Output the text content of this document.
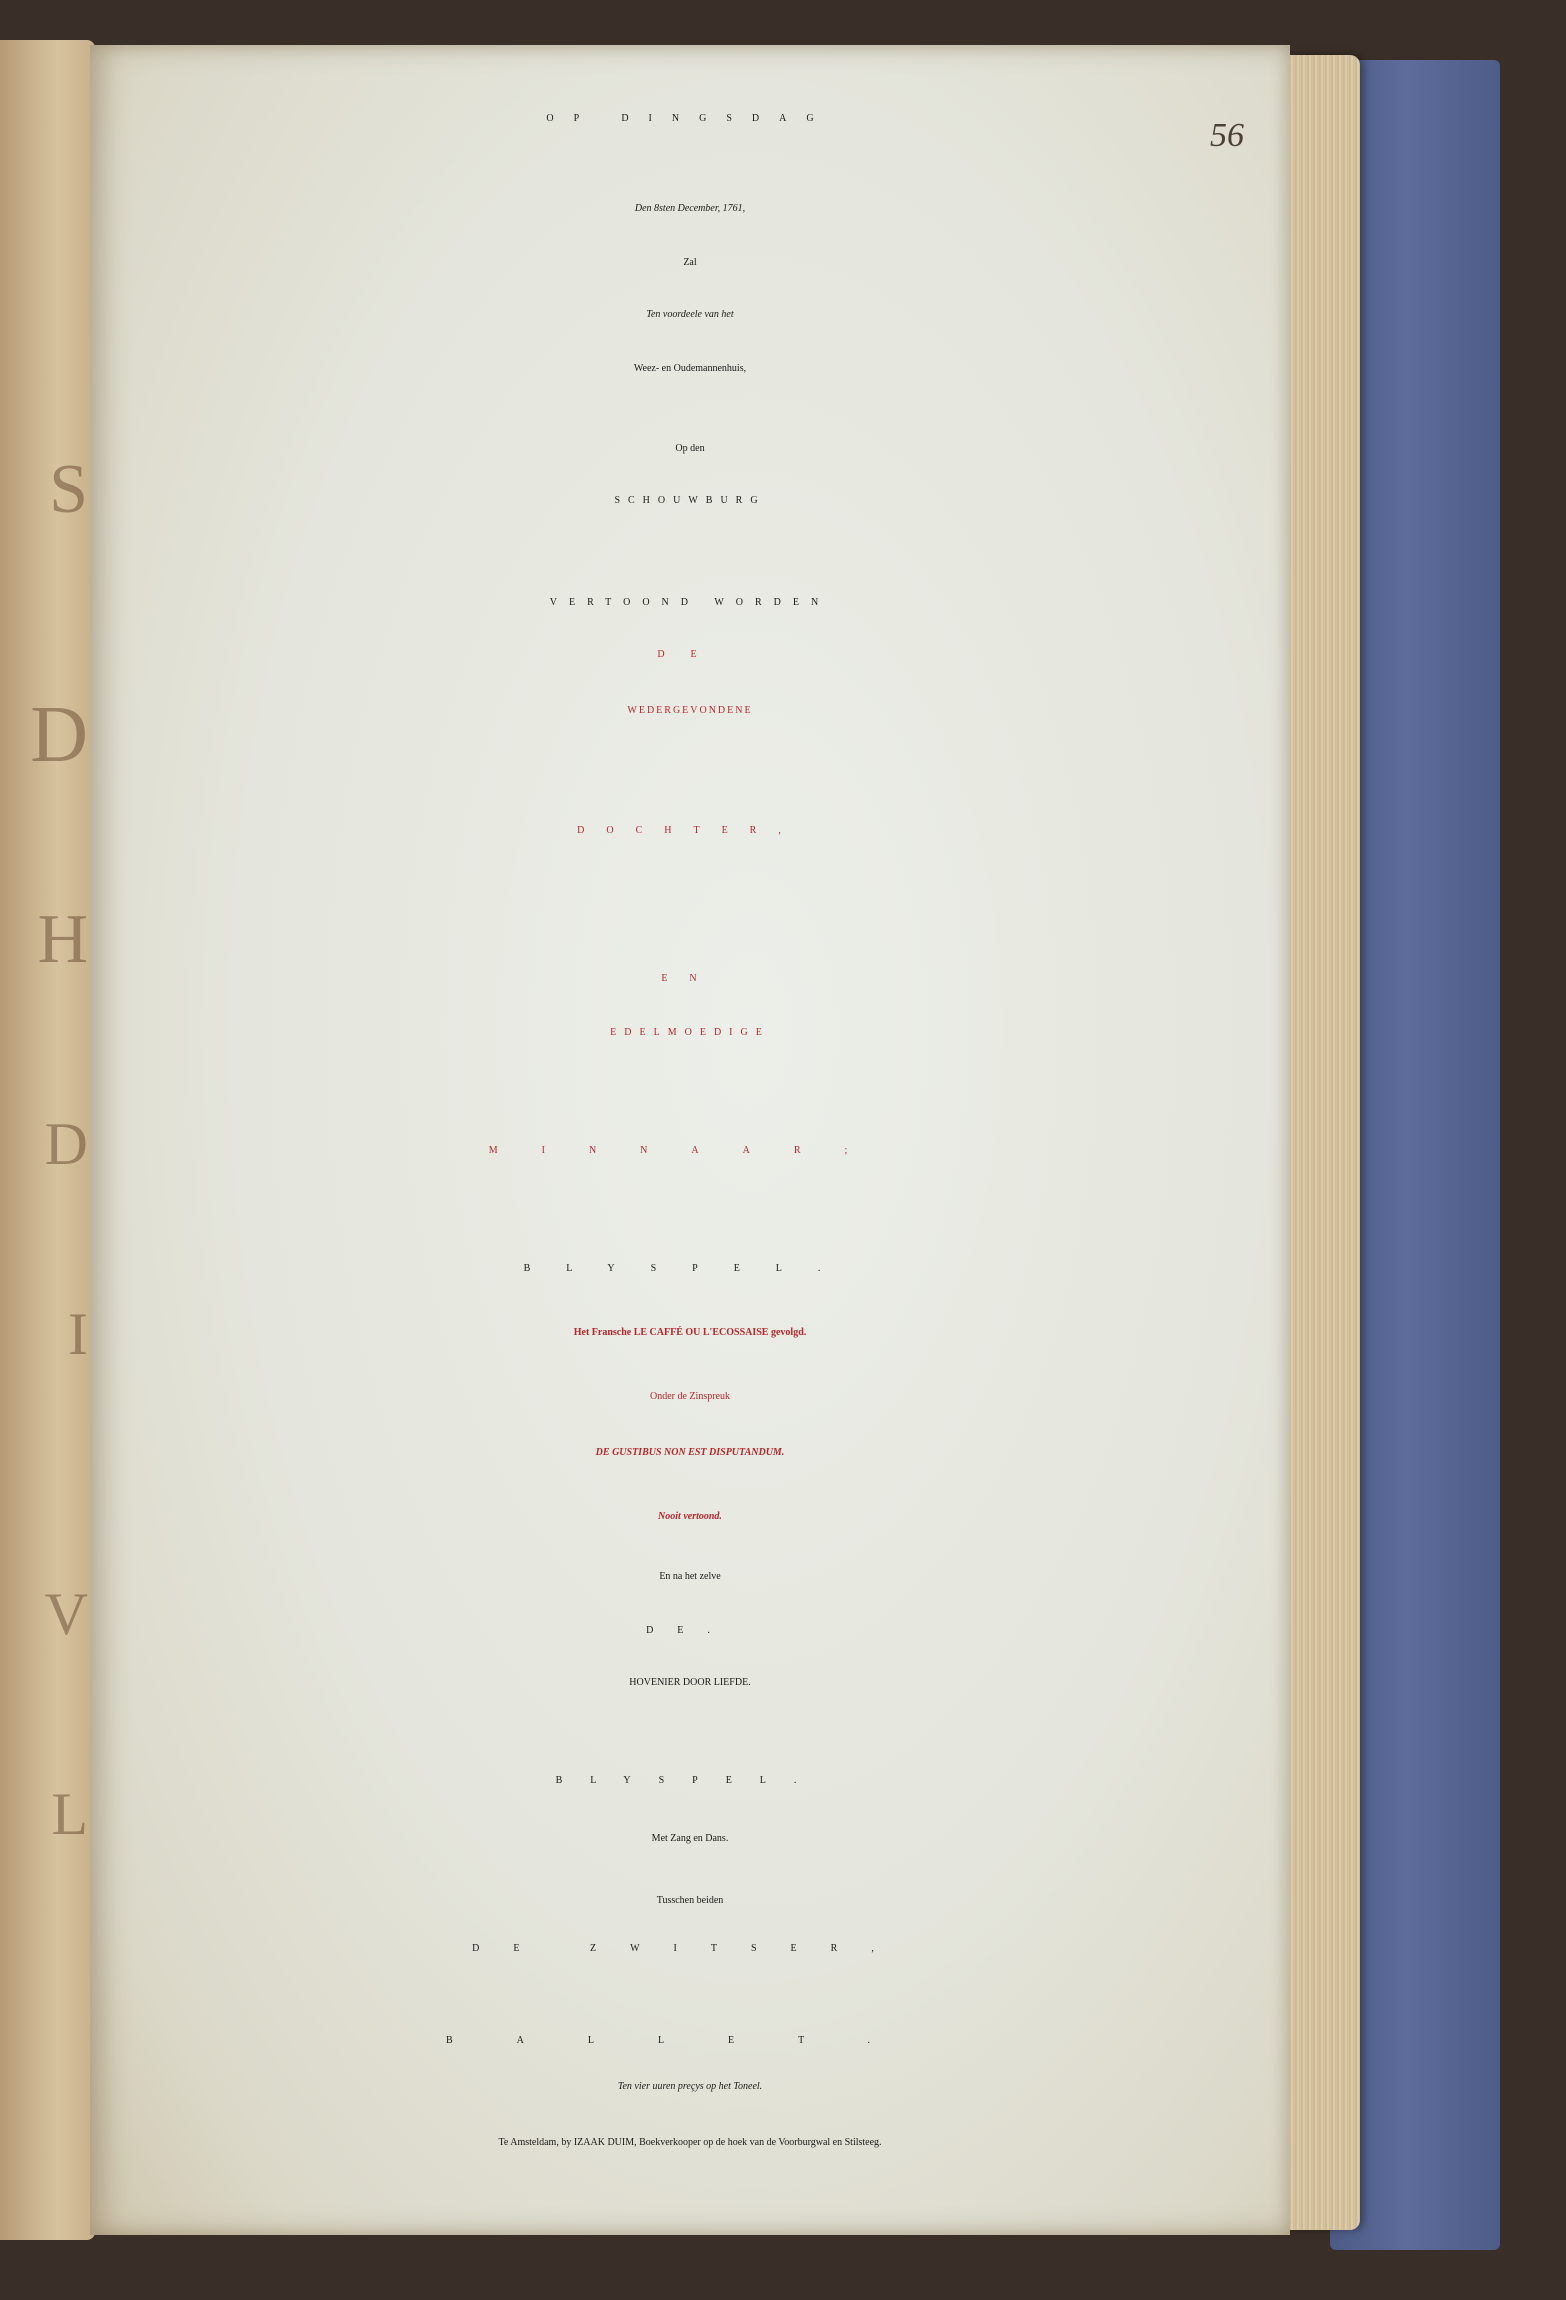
S
D
H
D
I
V
L

OP DINGSDAG

Den 8sten December, 1761,

Zal

Ten voordeele van het

Weez- en Oudemannenhuis,

Op den

SCHOUWBURG

VERTOOND WORDEN

DE

WEDERGEVONDENE

DOCHTER,

EN

EDELMOEDIGE

MINNAAR;

BLYSPEL.

Het Fransche LE CAFFÉ OU L'ECOSSAISE gevolgd.

Onder de Zinspreuk

DE GUSTIBUS NON EST DISPUTANDUM.

Nooit vertoond.

En na het zelve

DE.

HOVENIER DOOR LIEFDE.

BLYSPEL.

Met Zang en Dans.

Tusschen beiden

DE ZWITSER,

BALLET.

Ten vier uuren preçys op het Toneel.

Te Amsteldam, by IZAAK DUIM, Boekverkooper op de hoek van de Voorburgwal en Stilsteeg.

56
